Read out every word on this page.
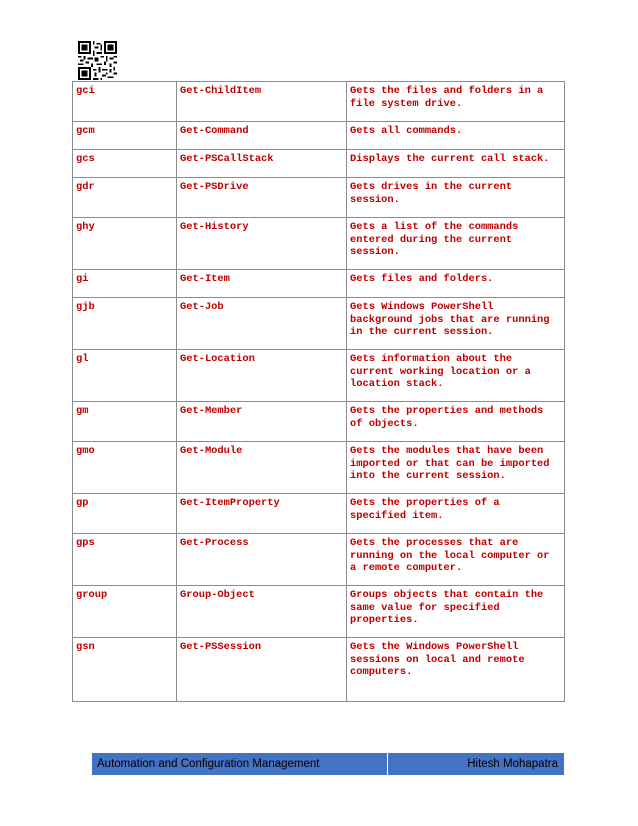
gci	Get-ChildItem	Gets the files and folders in a file system drive.
gcm	Get-Command	Gets all commands.
gcs	Get-PSCallStack	Displays the current call stack.
gdr	Get-PSDrive	Gets drives in the current session.
ghy	Get-History	Gets a list of the commands entered during the current session.
gi	Get-Item	Gets files and folders.
gjb	Get-Job	Gets Windows PowerShell background jobs that are running in the current session.
gl	Get-Location	Gets information about the current working location or a location stack.
gm	Get-Member	Gets the properties and methods of objects.
gmo	Get-Module	Gets the modules that have been imported or that can be imported into the current session.
gp	Get-ItemProperty	Gets the properties of a specified item.
gps	Get-Process	Gets the processes that are running on the local computer or a remote computer.
group	Group-Object	Groups objects that contain the same value for specified properties.
gsn	Get-PSSession	Gets the Windows PowerShell sessions on local and remote computers.
Automation and Configuration Management	Hitesh Mohapatra
